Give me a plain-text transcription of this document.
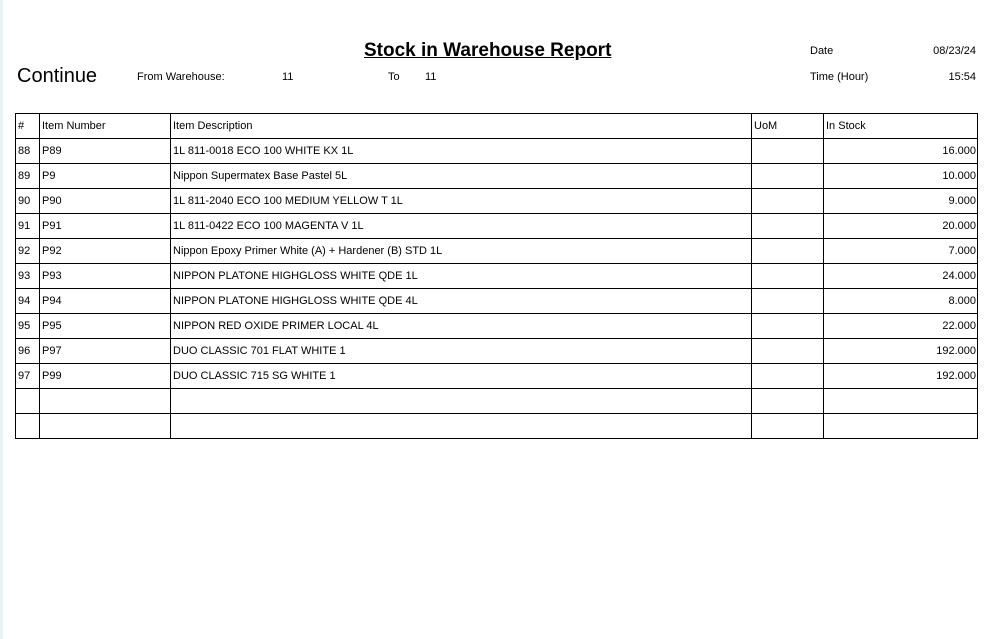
Stock in Warehouse Report
Continue	From Warehouse:	11	To 11
Date	08/23/24
Time (Hour)	15:54
#	Item Number	Item Description	UoM	In Stock
88	P89	1L 811-0018 ECO 100 WHITE KX 1L		16.000
89	P9	Nippon Supermatex Base Pastel 5L		10.000
90	P90	1L 811-2040 ECO 100 MEDIUM YELLOW T 1L		9.000
91	P91	1L 811-0422 ECO 100 MAGENTA V 1L		20.000
92	P92	Nippon Epoxy Primer White (A) + Hardener (B) STD 1L		7.000
93	P93	NIPPON PLATONE HIGHGLOSS WHITE QDE 1L		24.000
94	P94	NIPPON PLATONE HIGHGLOSS WHITE QDE 4L		8.000
95	P95	NIPPON RED OXIDE PRIMER LOCAL 4L		22.000
96	P97	DUO CLASSIC 701 FLAT WHITE 1		192.000
97	P99	DUO CLASSIC 715 SG WHITE 1		192.000
